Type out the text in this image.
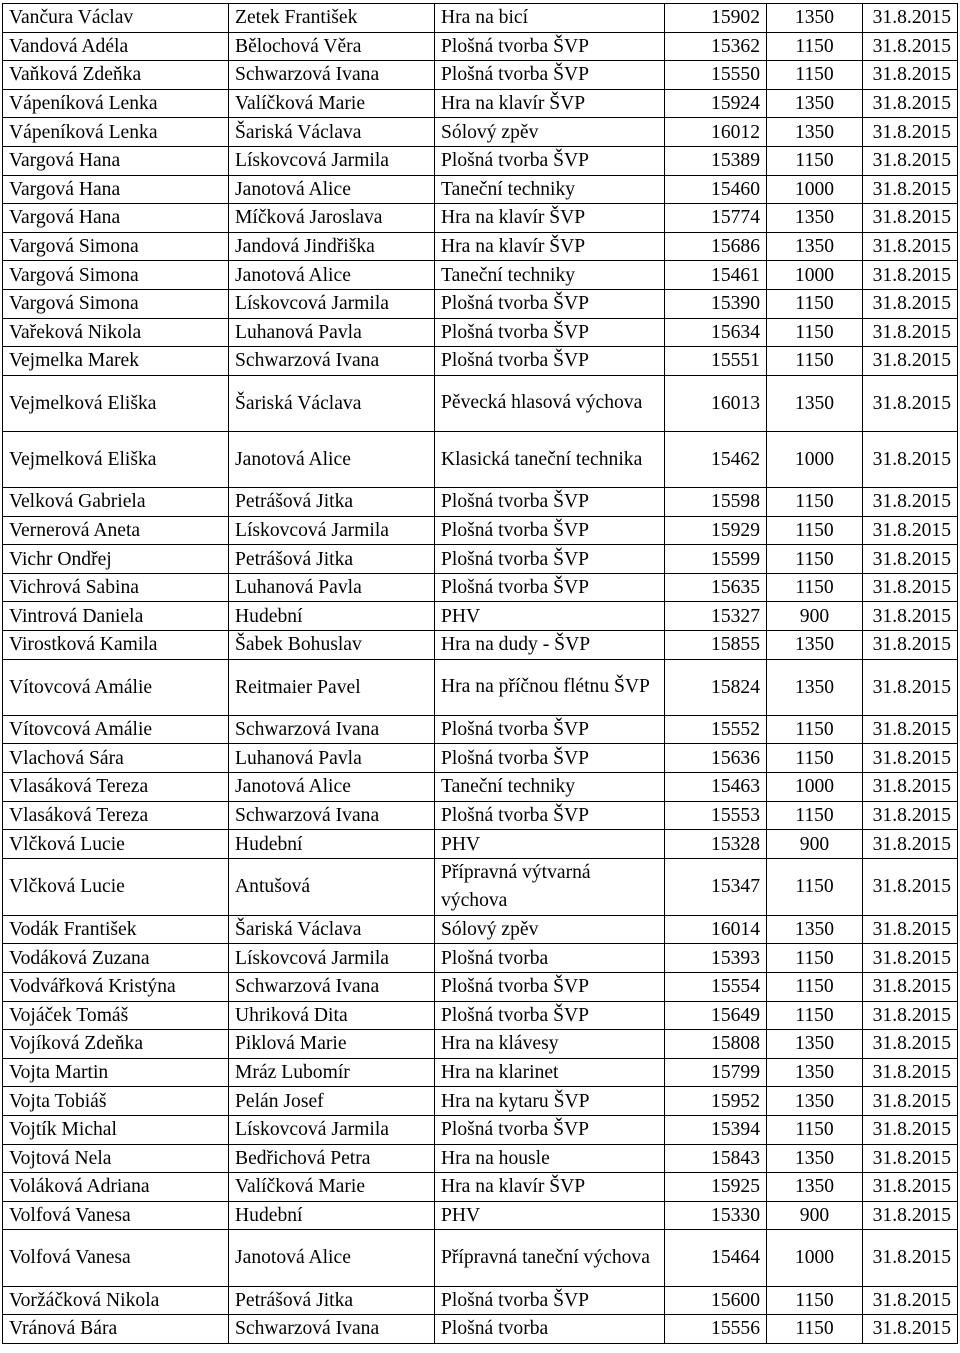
Vančura Václav	Zetek František	Hra na bicí	15902	1350	31.8.2015
Vandová Adéla	Bělochová Věra	Plošná tvorba ŠVP	15362	1150	31.8.2015
Vaňková Zdeňka	Schwarzová Ivana	Plošná tvorba ŠVP	15550	1150	31.8.2015
Vápeníková Lenka	Valíčková Marie	Hra na klavír ŠVP	15924	1350	31.8.2015
Vápeníková Lenka	Šariská Václava	Sólový zpěv	16012	1350	31.8.2015
Vargová Hana	Lískovcová Jarmila	Plošná tvorba ŠVP	15389	1150	31.8.2015
Vargová Hana	Janotová Alice	Taneční techniky	15460	1000	31.8.2015
Vargová Hana	Míčková Jaroslava	Hra na klavír ŠVP	15774	1350	31.8.2015
Vargová Simona	Jandová Jindřiška	Hra na klavír ŠVP	15686	1350	31.8.2015
Vargová Simona	Janotová Alice	Taneční techniky	15461	1000	31.8.2015
Vargová Simona	Lískovcová Jarmila	Plošná tvorba ŠVP	15390	1150	31.8.2015
Vařeková Nikola	Luhanová Pavla	Plošná tvorba ŠVP	15634	1150	31.8.2015
Vejmelka Marek	Schwarzová Ivana	Plošná tvorba ŠVP	15551	1150	31.8.2015
Vejmelková Eliška	Šariská Václava	Pěvecká hlasová výchova	16013	1350	31.8.2015
Vejmelková Eliška	Janotová Alice	Klasická taneční technika	15462	1000	31.8.2015
Velková Gabriela	Petrášová Jitka	Plošná tvorba ŠVP	15598	1150	31.8.2015
Vernerová Aneta	Lískovcová Jarmila	Plošná tvorba ŠVP	15929	1150	31.8.2015
Vichr Ondřej	Petrášová Jitka	Plošná tvorba ŠVP	15599	1150	31.8.2015
Vichrová Sabina	Luhanová Pavla	Plošná tvorba ŠVP	15635	1150	31.8.2015
Vintrová Daniela	Hudební	PHV	15327	900	31.8.2015
Virostková Kamila	Šabek Bohuslav	Hra na dudy - ŠVP	15855	1350	31.8.2015
Vítovcová Amálie	Reitmaier Pavel	Hra na příčnou flétnu ŠVP	15824	1350	31.8.2015
Vítovcová Amálie	Schwarzová Ivana	Plošná tvorba ŠVP	15552	1150	31.8.2015
Vlachová Sára	Luhanová Pavla	Plošná tvorba ŠVP	15636	1150	31.8.2015
Vlasáková Tereza	Janotová Alice	Taneční techniky	15463	1000	31.8.2015
Vlasáková Tereza	Schwarzová Ivana	Plošná tvorba ŠVP	15553	1150	31.8.2015
Vlčková Lucie	Hudební	PHV	15328	900	31.8.2015
Vlčková Lucie	Antušová	Přípravná výtvarná výchova	15347	1150	31.8.2015
Vodák František	Šariská Václava	Sólový zpěv	16014	1350	31.8.2015
Vodáková Zuzana	Lískovcová Jarmila	Plošná tvorba	15393	1150	31.8.2015
Vodvářková Kristýna	Schwarzová Ivana	Plošná tvorba ŠVP	15554	1150	31.8.2015
Vojáček Tomáš	Uhriková Dita	Plošná tvorba ŠVP	15649	1150	31.8.2015
Vojíková Zdeňka	Piklová Marie	Hra na klávesy	15808	1350	31.8.2015
Vojta Martin	Mráz Lubomír	Hra na klarinet	15799	1350	31.8.2015
Vojta Tobiáš	Pelán Josef	Hra na kytaru ŠVP	15952	1350	31.8.2015
Vojtík Michal	Lískovcová Jarmila	Plošná tvorba ŠVP	15394	1150	31.8.2015
Vojtová Nela	Bedřichová Petra	Hra na housle	15843	1350	31.8.2015
Voláková Adriana	Valíčková Marie	Hra na klavír ŠVP	15925	1350	31.8.2015
Volfová Vanesa	Hudební	PHV	15330	900	31.8.2015
Volfová Vanesa	Janotová Alice	Přípravná taneční výchova	15464	1000	31.8.2015
Voržáčková Nikola	Petrášová Jitka	Plošná tvorba ŠVP	15600	1150	31.8.2015
Vránová Bára	Schwarzová Ivana	Plošná tvorba	15556	1150	31.8.2015
